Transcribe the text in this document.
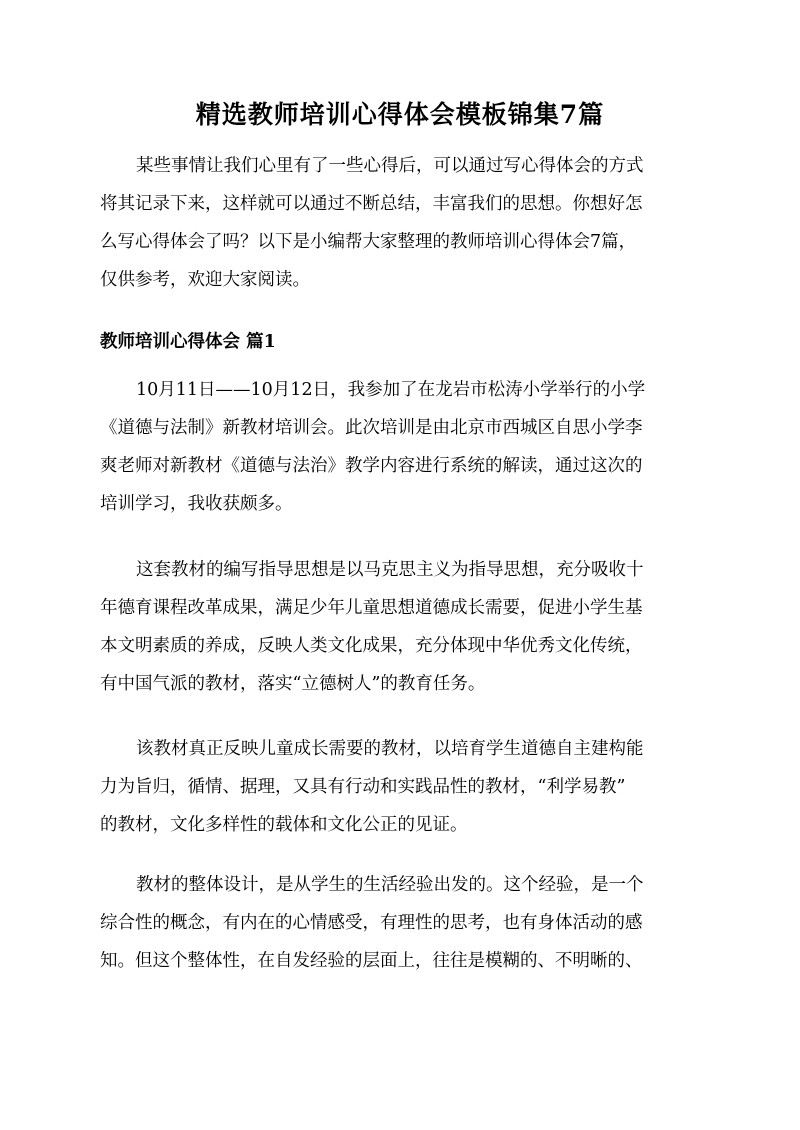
精选教师培训心得体会模板锦集7篇
某些事情让我们心里有了一些心得后，可以通过写心得体会的方式
将其记录下来，这样就可以通过不断总结，丰富我们的思想。你想好怎
么写心得体会了吗？以下是小编帮大家整理的教师培训心得体会7篇，
仅供参考，欢迎大家阅读。
教师培训心得体会 篇1
10月11日——10月12日，我参加了在龙岩市松涛小学举行的小学
《道德与法制》新教材培训会。此次培训是由北京市西城区自思小学李
爽老师对新教材《道德与法治》教学内容进行系统的解读，通过这次的
培训学习，我收获颇多。
这套教材的编写指导思想是以马克思主义为指导思想，充分吸收十
年德育课程改革成果，满足少年儿童思想道德成长需要，促进小学生基
本文明素质的养成，反映人类文化成果，充分体现中华优秀文化传统，
有中国气派的教材，落实“立德树人”的教育任务。
该教材真正反映儿童成长需要的教材，以培育学生道德自主建构能
力为旨归，循情、据理，又具有行动和实践品性的教材，“利学易教”
的教材，文化多样性的载体和文化公正的见证。
教材的整体设计，是从学生的生活经验出发的。这个经验，是一个
综合性的概念，有内在的心情感受，有理性的思考，也有身体活动的感
知。但这个整体性，在自发经验的层面上，往往是模糊的、不明晰的、
